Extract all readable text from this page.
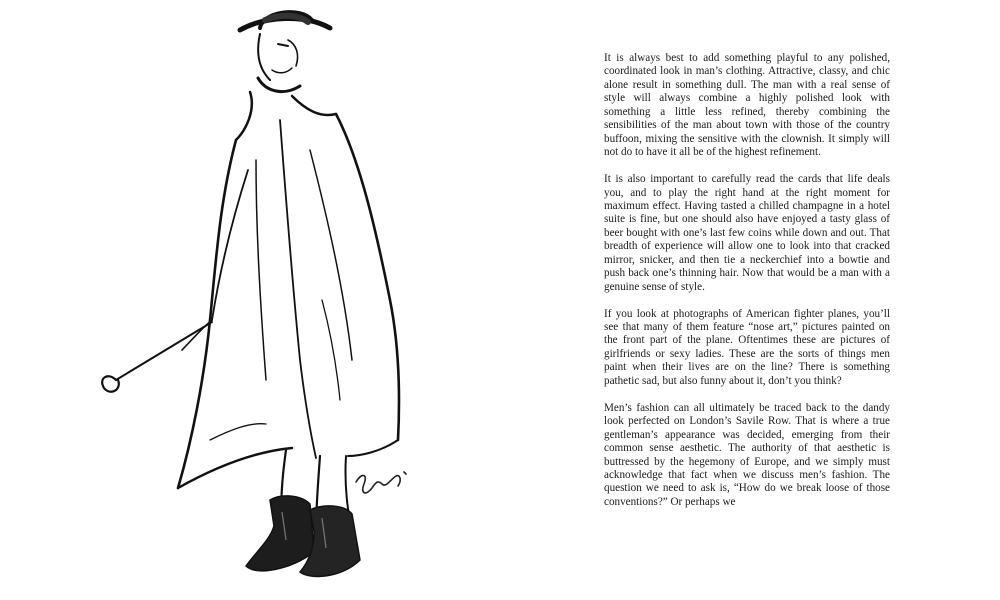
It is always best to add something playful to any polished, coordinated look in man’s clothing. Attractive, classy, and chic alone result in something dull. The man with a real sense of style will always combine a highly polished look with something a little less refined, thereby combining the sensibilities of the man about town with those of the country buffoon, mixing the sensitive with the clownish. It simply will not do to have it all be of the highest refinement.

It is also important to carefully read the cards that life deals you, and to play the right hand at the right moment for maximum effect. Having tasted a chilled champagne in a hotel suite is fine, but one should also have enjoyed a tasty glass of beer bought with one’s last few coins while down and out. That breadth of experience will allow one to look into that cracked mirror, snicker, and then tie a neckerchief into a bowtie and push back one’s thinning hair. Now that would be a man with a genuine sense of style.

If you look at photographs of American fighter planes, you’ll see that many of them feature “nose art,” pictures painted on the front part of the plane. Oftentimes these are pictures of girlfriends or sexy ladies. These are the sorts of things men paint when their lives are on the line? There is something pathetic sad, but also funny about it, don’t you think?

Men’s fashion can all ultimately be traced back to the dandy look perfected on London’s Savile Row. That is where a true gentleman’s appearance was decided, emerging from their common sense aesthetic. The authority of that aesthetic is buttressed by the hegemony of Europe, and we simply must acknowledge that fact when we discuss men’s fashion. The question we need to ask is, “How do we break loose of those conventions?” Or perhaps we
